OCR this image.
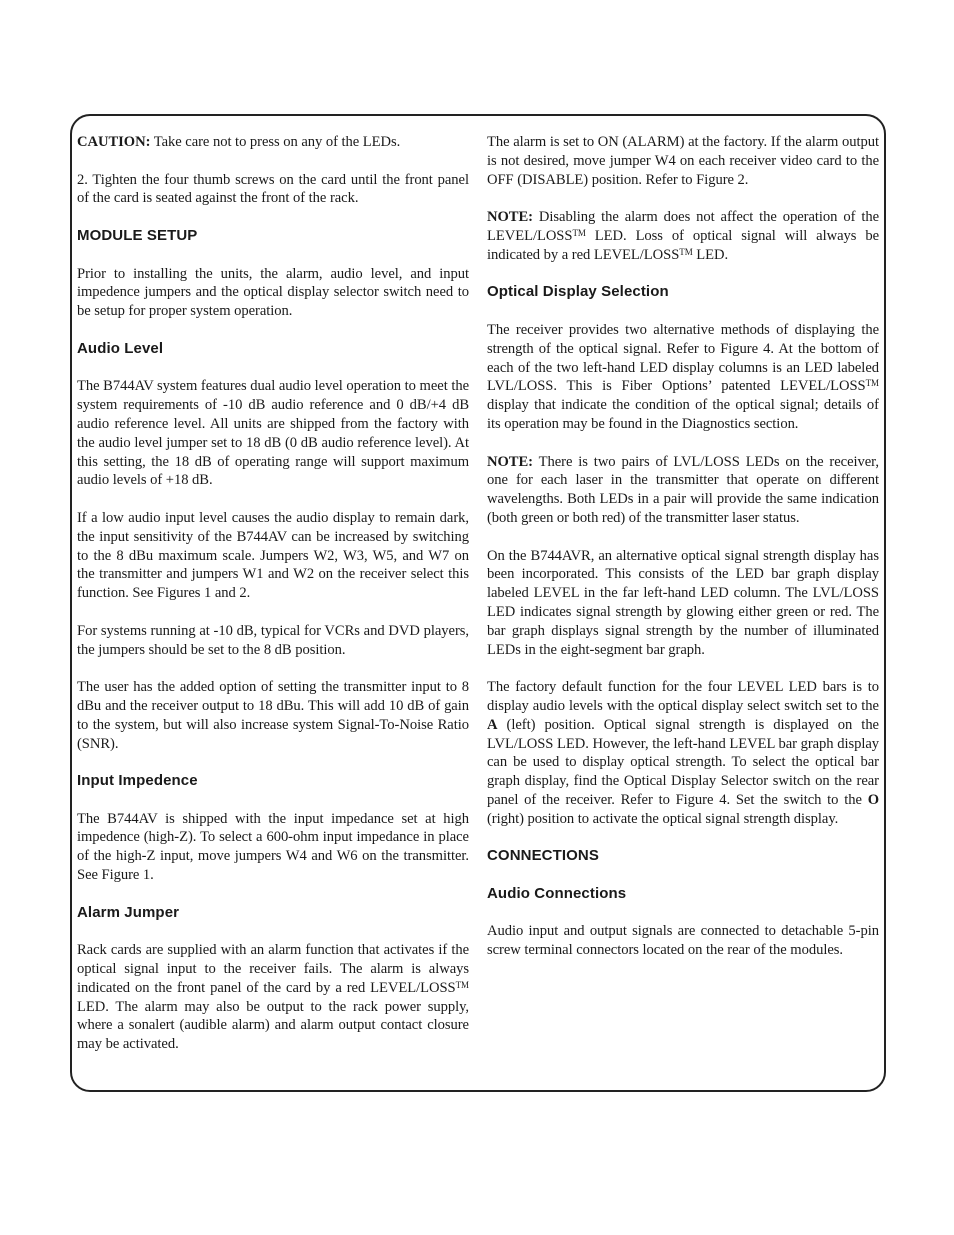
CAUTION: Take care not to press on any of the LEDs.

2. Tighten the four thumb screws on the card until the front panel of the card is seated against the front of the rack.

MODULE SETUP

Prior to installing the units, the alarm, audio level, and input impedence jumpers and the optical display selector switch need to be setup for proper system operation.

Audio Level

The B744AV system features dual audio level operation to meet the system requirements of -10 dB audio reference and 0 dB/+4 dB audio reference level. All units are shipped from the factory with the audio level jumper set to 18 dB (0 dB audio reference level). At this setting, the 18 dB of operating range will support maximum audio levels of +18 dB.

If a low audio input level causes the audio display to remain dark, the input sensitivity of the B744AV can be increased by switching to the 8 dBu maximum scale. Jumpers W2, W3, W5, and W7 on the transmitter and jumpers W1 and W2 on the receiver select this function. See Figures 1 and 2.

For systems running at -10 dB, typical for VCRs and DVD players, the jumpers should be set to the 8 dB position.

The user has the added option of setting the transmitter input to 8 dBu and the receiver output to 18 dBu. This will add 10 dB of gain to the system, but will also increase system Signal-To-Noise Ratio (SNR).

Input Impedence

The B744AV is shipped with the input impedance set at high impedence (high-Z). To select a 600-ohm input impedance in place of the high-Z input, move jumpers W4 and W6 on the transmitter. See Figure 1.

Alarm Jumper

Rack cards are supplied with an alarm function that activates if the optical signal input to the receiver fails. The alarm is always indicated on the front panel of the card by a red LEVEL/LOSS™ LED. The alarm may also be output to the rack power supply, where a sonalert (audible alarm) and alarm output contact closure may be activated.

The alarm is set to ON (ALARM) at the factory. If the alarm output is not desired, move jumper W4 on each receiver video card to the OFF (DISABLE) position. Refer to Figure 2.

NOTE: Disabling the alarm does not affect the operation of the LEVEL/LOSS™ LED. Loss of optical signal will always be indicated by a red LEVEL/LOSS™ LED.

Optical Display Selection

The receiver provides two alternative methods of displaying the strength of the optical signal. Refer to Figure 4. At the bottom of each of the two left-hand LED display columns is an LED labeled LVL/LOSS. This is Fiber Options’ patented LEVEL/LOSS™ display that indicate the condition of the optical signal; details of its operation may be found in the Diagnostics section.

NOTE: There is two pairs of LVL/LOSS LEDs on the receiver, one for each laser in the transmitter that operate on different wavelengths. Both LEDs in a pair will provide the same indication (both green or both red) of the transmitter laser status.

On the B744AVR, an alternative optical signal strength display has been incorporated. This consists of the LED bar graph display labeled LEVEL in the far left-hand LED column. The LVL/LOSS LED indicates signal strength by glowing either green or red. The bar graph displays signal strength by the number of illuminated LEDs in the eight-segment bar graph.

The factory default function for the four LEVEL LED bars is to display audio levels with the optical display select switch set to the A (left) position. Optical signal strength is displayed on the LVL/LOSS LED. However, the left-hand LEVEL bar graph display can be used to display optical strength. To select the optical bar graph display, find the Optical Display Selector switch on the rear panel of the receiver. Refer to Figure 4. Set the switch to the O (right) position to activate the optical signal strength display.

CONNECTIONS
Audio Connections

Audio input and output signals are connected to detachable 5-pin screw terminal connectors located on the rear of the modules.
